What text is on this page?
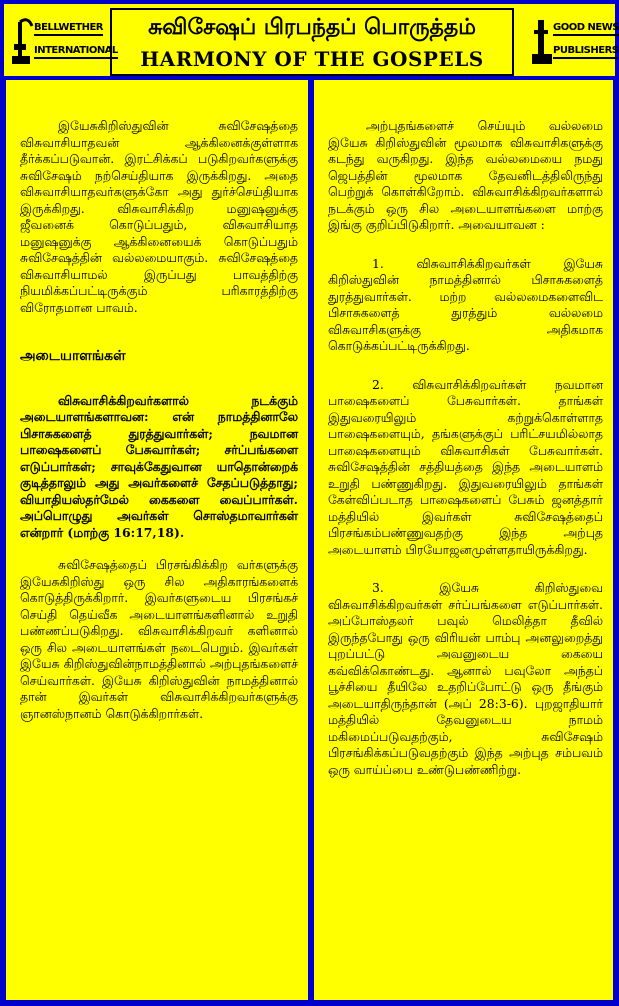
BELLWETHER
INTERNATIONAL
சுவிசேஷப் பிரபந்தப் பொருத்தம்
HARMONY OF THE GOSPELS
GOOD NEWS
PUBLISHERS

இயேசுகிறிஸ்துவின் சுவிசேஷத்தை விசுவாசியாதவன் ஆக்கினைக்குள்ளாக தீர்க்கப்படுவான். இரட்சிக்கப் படுகிறவர்களுக்கு சுவிசேஷம் நற்செய்தியாக இருக்கிறது. அதை விசுவாசியாதவர்களுக்கோ அது துர்ச்செய்தியாக இருக்கிறது. விசுவாசிக்கிற மனுஷனுக்கு ஜீவனைக் கொடுப்பதும், விசுவாசியாத மனுஷனுக்கு ஆக்கினையைக் கொடுப்பதும் சுவிசேஷத்தின் வல்லமையாகும். சுவிசேஷத்தை விசுவாசியாமல் இருப்பது பாவத்திற்கு நியமிக்கப்பட்டிருக்கும் பரிகாரத்திற்கு விரோதமான பாவம்.

அடையாளங்கள்

விசுவாசிக்கிறவர்களால் நடக்கும் அடையாளங்களாவன: என் நாமத்தினாலே பிசாசுகளைத் துரத்துவார்கள்; நவமான பாஷைகளைப் பேசுவார்கள்; சர்ப்பங்களை எடுப்பார்கள்; சாவுக்கேதுவான யாதொன்றைக் குடித்தாலும் அது அவர்களைச் சேதப்படுத்தாது; வியாதியஸ்தர்மேல் கைகளை வைப்பார்கள். அப்பொழுது அவர்கள் சொஸ்தமாவார்கள் என்றார் (மாற்கு 16:17,18).

சுவிசேஷத்தைப் பிரசங்கிக்கிற வர்களுக்கு இயேசுகிறிஸ்து ஒரு சில அதிகாரங்களைக் கொடுத்திருக்கிறார். இவர்களுடைய பிரசங்கச் செய்தி தெய்வீக அடையாளங்களினால் உறுதி பண்ணப்படுகிறது. விசுவாசிக்கிறவர் களினால் ஒரு சில அடையாளங்கள் நடைபெறும். இவர்கள் இயேசு கிறிஸ்துவின்நாமத்தினால் அற்புதங்களைச் செய்வார்கள். இயேசு கிறிஸ்துவின் நாமத்தினால் தான் இவர்கள் விசுவாசிக்கிறவர்களுக்கு ஞானஸ்நானம் கொடுக்கிறார்கள்.

அற்புதங்களைச் செய்யும் வல்லமை இயேசு கிறிஸ்துவின் மூலமாக விசுவாசிகளுக்கு கடந்து வருகிறது. இந்த வல்லமையை நமது ஜெபத்தின் மூலமாக தேவனிடத்திலிருந்து பெற்றுக் கொள்கிறோம். விசுவாசிக்கிறவர்களால் நடக்கும் ஒரு சில அடையாளங்களை மாற்கு இங்கு குறிப்பிடுகிறார். அவையாவன :

1. விசுவாசிக்கிறவர்கள் இயேசு கிறிஸ்துவின் நாமத்தினால் பிசாசுகளைத் துரத்துவார்கள். மற்ற வல்லமைகளைவிட பிசாசுகளைத் துரத்தும் வல்லமை விசுவாசிகளுக்கு அதிகமாக கொடுக்கப்பட்டிருக்கிறது.

2. விசுவாசிக்கிறவர்கள் நவமான பாஷைகளைப் பேசுவார்கள். தாங்கள் இதுவரையிலும் கற்றுக்கொள்ளாத பாஷைகளையும், தங்களுக்குப் பரிட்சயமில்லாத பாஷைகளையும் விசுவாசிகள் பேசுவார்கள். சுவிசேஷத்தின் சத்தியத்தை இந்த அடையாளம் உறுதி பண்ணுகிறது. இதுவரையிலும் தாங்கள் கேள்விப்படாத பாஷைகளைப் பேசும் ஜனத்தார் மத்தியில் இவர்கள் சுவிசேஷத்தைப் பிரசங்கம்பண்ணுவதற்கு இந்த அற்புத அடையாளம் பிரயோஜனமுள்ளதாயிருக்கிறது.

3. இயேசு கிறிஸ்துவை விசுவாசிக்கிறவர்கள் சர்ப்பங்களை எடுப்பார்கள். அப்போஸ்தலர் பவுல் மெலித்தா தீவில் இருந்தபோது ஒரு விரியன் பாம்பு அனலுறைத்து புறப்பட்டு அவனுடைய கையை கவ்விக்கொண்டது. ஆனால் பவுலோ அந்தப் பூச்சியை தீயிலே உதறிப்போட்டு ஒரு தீங்கும் அடையாதிருந்தான் (அப் 28:3-6). புறஜாதியார் மத்தியில் தேவனுடைய நாமம் மகிமைப்படுவதற்கும், சுவிசேஷம் பிரசங்கிக்கப்படுவதற்கும் இந்த அற்புத சம்பவம் ஒரு வாய்ப்பை உண்டுபண்ணிற்று.
